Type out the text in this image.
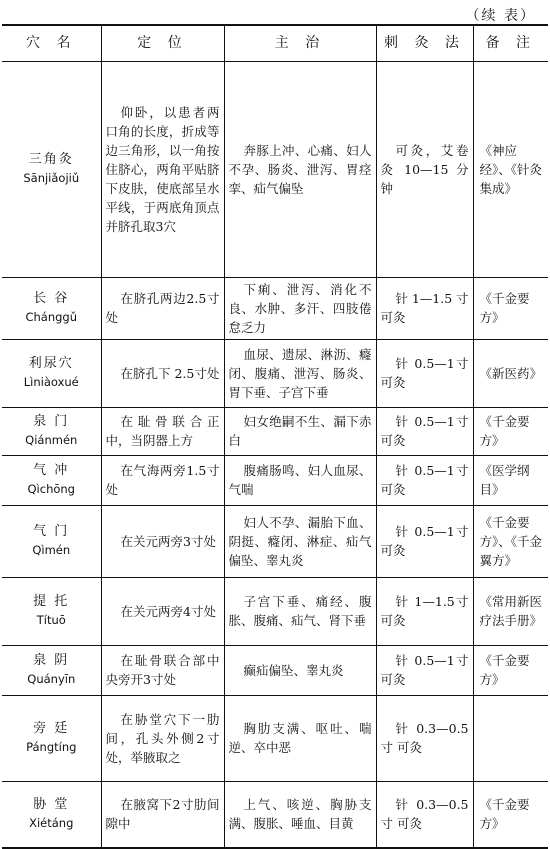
（续 表）
穴 名	定 位	主 治	刺 灸 法	备 注

三角灸
Sānjiǎojiǔ	仰卧，以患者两口角的长度，折成等边三角形，以一角按住脐心，两角平贴脐下皮肤，使底部呈水平线，于两底角顶点并脐孔取3穴	奔豚上冲、心痛、妇人不孕、肠炎、泄泻、胃痉挛、疝气偏坠	可灸，艾卷灸 10—15 分钟	《神应经》、《针灸集成》

长 谷
Chánggǔ	在脐孔两边2.5寸处	下痢、泄泻、消化不良、水肿、多汗、四肢倦怠乏力	针1—1.5寸 可灸	《千金要方》

利尿穴
Lìniàoxué	在脐孔下 2.5寸处	血尿、遗尿、淋沥、癃闭、腹痛、泄泻、肠炎、胃下垂、子宫下垂	针 0.5—1寸 可灸	《新医药》

泉 门
Qiánmén	在耻骨联合正中，当阴器上方	妇女绝嗣不生、漏下赤白	针 0.5—1寸 可灸	《千金要方》

气 冲
Qìchōng	在气海两旁1.5寸处	腹痛肠鸣、妇人血尿、气喘	针 0.5—1寸 可灸	《医学纲目》

气 门
Qìmén	在关元两旁3寸处	妇人不孕、漏胎下血、阴挺、癃闭、淋症、疝气偏坠、睾丸炎	针 0.5—1寸 可灸	《千金要方》、《千金翼方》

提 托
Títuō	在关元两旁4寸处	子宫下垂、痛经、腹胀、腹痛、疝气、肾下垂	针 1—1.5寸 可灸	《常用新医疗法手册》

泉 阴
Quányīn	在耻骨联合部中央旁开3寸处	癫疝偏坠、睾丸炎	针 0.5—1寸 可灸	《千金要方》

旁 廷
Pángtíng	在胁堂穴下一肋间，孔头外侧2寸处，举腋取之	胸肋支满、呕吐、喘逆、卒中恶	针0.3—0.5寸 可灸	

胁 堂
Xiétáng	在腋窝下2寸肋间隙中	上气、咳逆、胸胁支满、腹胀、唾血、目黄	针0.3—0.5寸 可灸	《千金要方》
